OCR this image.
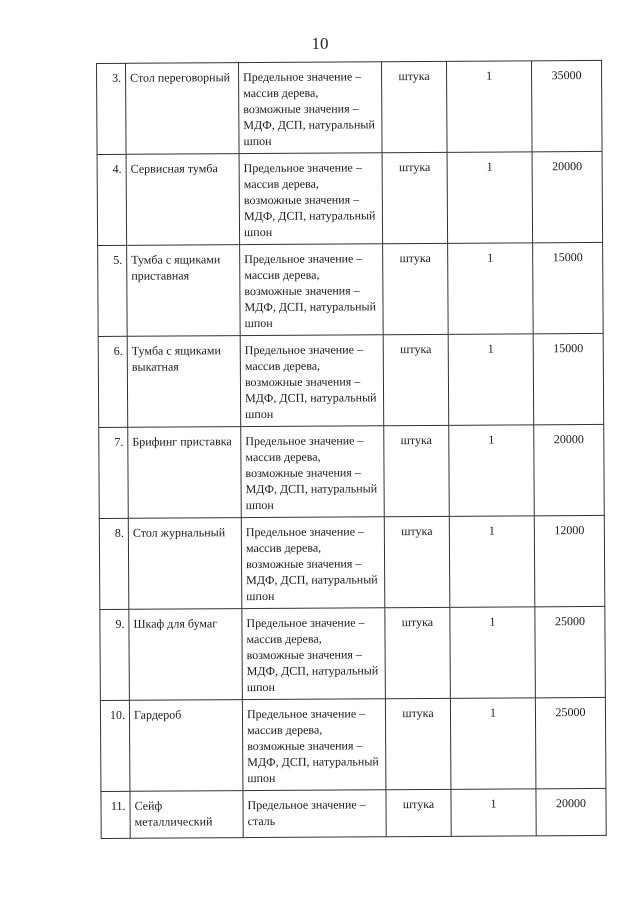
10
3.	Стол переговорный	Предельное значение – массив дерева, возможные значения – МДФ, ДСП, натуральный шпон	штука	1	35000
4.	Сервисная тумба	Предельное значение – массив дерева, возможные значения – МДФ, ДСП, натуральный шпон	штука	1	20000
5.	Тумба с ящиками приставная	Предельное значение – массив дерева, возможные значения – МДФ, ДСП, натуральный шпон	штука	1	15000
6.	Тумба с ящиками выкатная	Предельное значение – массив дерева, возможные значения – МДФ, ДСП, натуральный шпон	штука	1	15000
7.	Брифинг приставка	Предельное значение – массив дерева, возможные значения – МДФ, ДСП, натуральный шпон	штука	1	20000
8.	Стол журнальный	Предельное значение – массив дерева, возможные значения – МДФ, ДСП, натуральный шпон	штука	1	12000
9.	Шкаф для бумаг	Предельное значение – массив дерева, возможные значения – МДФ, ДСП, натуральный шпон	штука	1	25000
10.	Гардероб	Предельное значение – массив дерева, возможные значения – МДФ, ДСП, натуральный шпон	штука	1	25000
11.	Сейф металлический	Предельное значение – сталь	штука	1	20000
